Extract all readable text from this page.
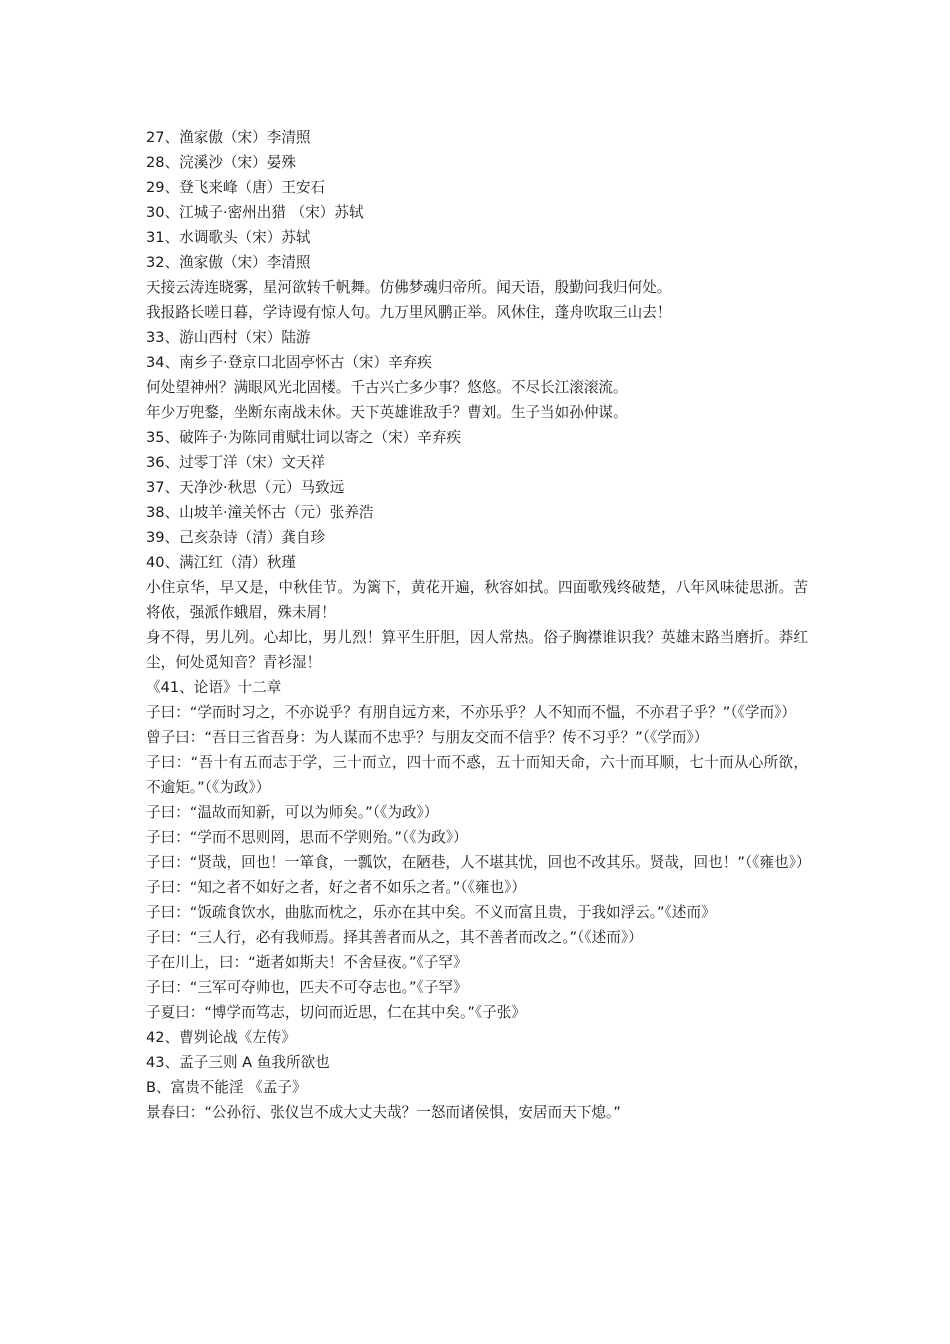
27、渔家傲（宋）李清照
28、浣溪沙（宋）晏殊
29、登飞来峰（唐）王安石
30、江城子·密州出猎 （宋）苏轼
31、水调歌头（宋）苏轼
32、渔家傲（宋）李清照
天接云涛连晓雾，星河欲转千帆舞。仿佛梦魂归帝所。闻天语，殷勤问我归何处。
我报路长嗟日暮，学诗谩有惊人句。九万里风鹏正举。风休住，蓬舟吹取三山去！
33、游山西村（宋）陆游
34、南乡子·登京口北固亭怀古（宋）辛弃疾
何处望神州？满眼风光北固楼。千古兴亡多少事？悠悠。不尽长江滚滚流。
年少万兜鍪，坐断东南战未休。天下英雄谁敌手？曹刘。生子当如孙仲谋。
35、破阵子·为陈同甫赋壮词以寄之（宋）辛弃疾
36、过零丁洋（宋）文天祥
37、天净沙·秋思（元）马致远
38、山坡羊·潼关怀古（元）张养浩
39、己亥杂诗（清）龚自珍
40、满江红（清）秋瑾
小住京华，早又是，中秋佳节。为篱下，黄花开遍，秋容如拭。四面歌残终破楚，八年风味徒思浙。苦将侬，强派作蛾眉，殊未屑！
身不得，男儿列。心却比，男儿烈！算平生肝胆，因人常热。俗子胸襟谁识我？英雄末路当磨折。莽红尘，何处觅知音？青衫湿！
《41、论语》十二章
子曰：“学而时习之，不亦说乎？有朋自远方来，不亦乐乎？人不知而不愠，不亦君子乎？”（《学而》）
曾子曰：“吾日三省吾身：为人谋而不忠乎？与朋友交而不信乎？传不习乎？”（《学而》）
子曰：“吾十有五而志于学，三十而立，四十而不惑，五十而知天命，六十而耳顺，七十而从心所欲，不逾矩。”（《为政》）
子曰：“温故而知新，可以为师矣。”（《为政》）
子曰：“学而不思则罔，思而不学则殆。”（《为政》）
子曰：“贤哉，回也！一箪食，一瓢饮，在陋巷，人不堪其忧，回也不改其乐。贤哉，回也！”（《雍也》）
子曰：“知之者不如好之者，好之者不如乐之者。”（《雍也》）
子曰：“饭疏食饮水，曲肱而枕之，乐亦在其中矣。不义而富且贵，于我如浮云。”《述而》
子曰：“三人行，必有我师焉。择其善者而从之，其不善者而改之。”（《述而》）
子在川上，曰：“逝者如斯夫！不舍昼夜。”《子罕》
子曰：“三军可夺帅也，匹夫不可夺志也。”《子罕》
子夏曰：“博学而笃志，切问而近思，仁在其中矣。”《子张》
42、曹刿论战《左传》
43、孟子三则 A 鱼我所欲也
B、富贵不能淫 《孟子》
景春曰：“公孙衍、张仪岂不成大丈夫哉？一怒而诸侯惧，安居而天下熄。”
